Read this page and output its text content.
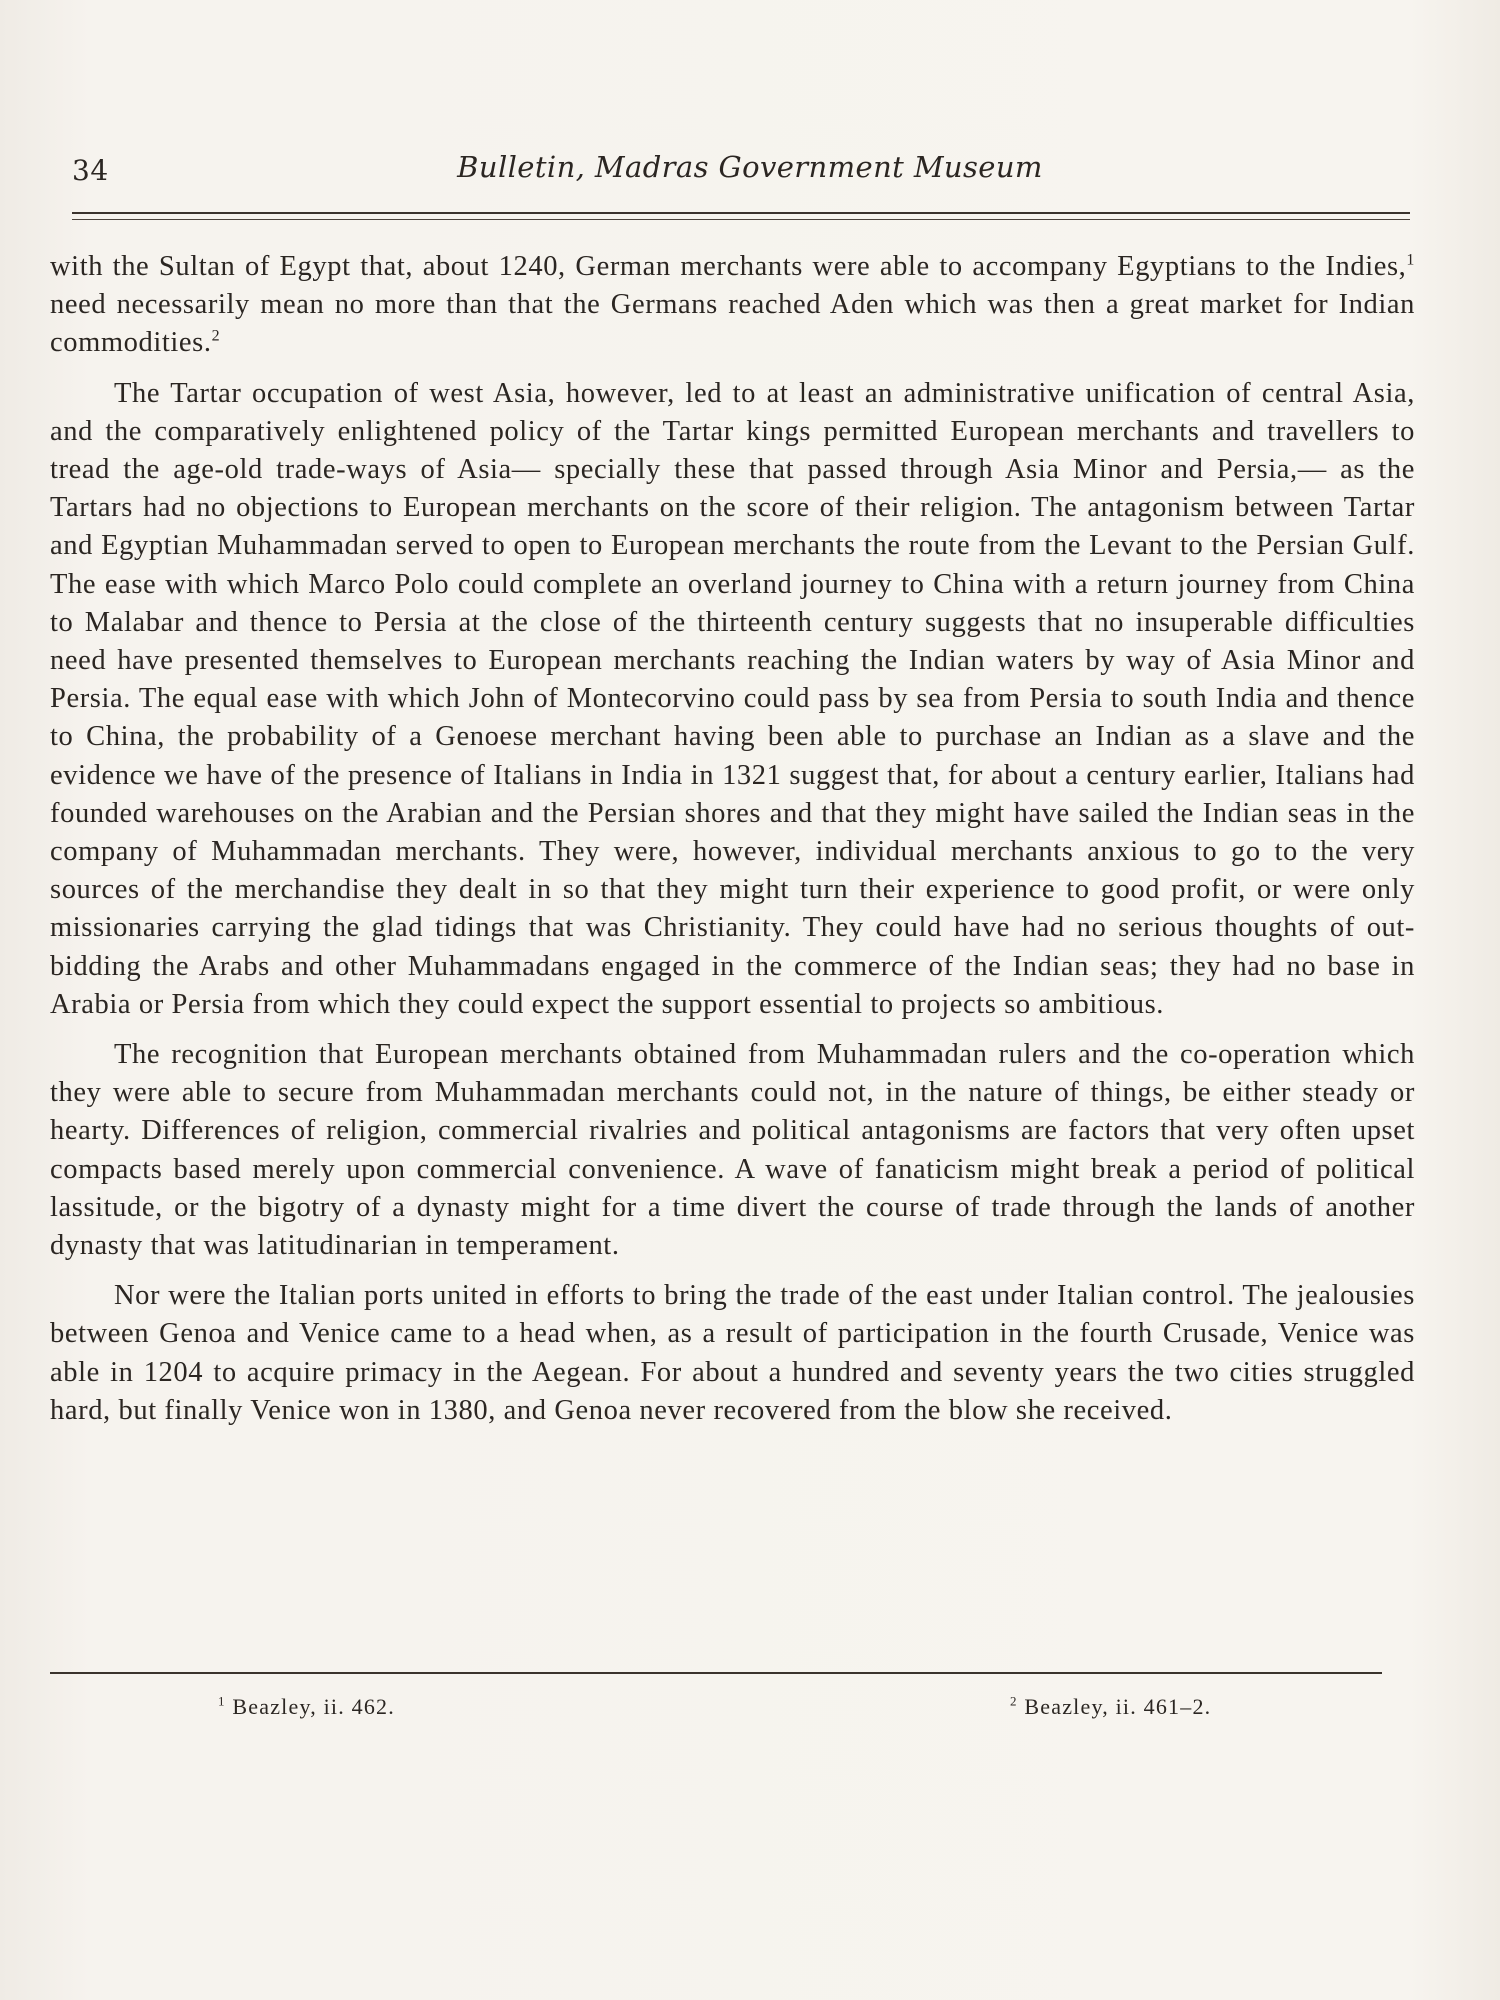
34	Bulletin, Madras Government Museum

with the Sultan of Egypt that, about 1240, German merchants were able to accompany Egyptians to the Indies,$^1$ need necessarily mean no more than that the Germans reached Aden which was then a great market for Indian commodities.$^2$

The Tartar occupation of west Asia, however, led to at least an administrative unification of central Asia, and the comparatively enlightened policy of the Tartar kings permitted European merchants and travellers to tread the age-old trade-ways of Asia— specially these that passed through Asia Minor and Persia,— as the Tartars had no objections to European merchants on the score of their religion. The antagonism between Tartar and Egyptian Muhammadan served to open to European merchants the route from the Levant to the Persian Gulf. The ease with which Marco Polo could complete an overland journey to China with a return journey from China to Malabar and thence to Persia at the close of the thirteenth century suggests that no insuperable difficulties need have presented themselves to European merchants reaching the Indian waters by way of Asia Minor and Persia. The equal ease with which John of Montecorvino could pass by sea from Persia to south India and thence to China, the probability of a Genoese merchant having been able to purchase an Indian as a slave and the evidence we have of the presence of Italians in India in 1321 suggest that, for about a century earlier, Italians had founded warehouses on the Arabian and the Persian shores and that they might have sailed the Indian seas in the company of Muhammadan merchants. They were, however, individual merchants anxious to go to the very sources of the merchandise they dealt in so that they might turn their experience to good profit, or were only missionaries carrying the glad tidings that was Christianity. They could have had no serious thoughts of out-bidding the Arabs and other Muhammadans engaged in the commerce of the Indian seas; they had no base in Arabia or Persia from which they could expect the support essential to projects so ambitious.

The recognition that European merchants obtained from Muhammadan rulers and the co-operation which they were able to secure from Muhammadan merchants could not, in the nature of things, be either steady or hearty. Differences of religion, commercial rivalries and political antagonisms are factors that very often upset compacts based merely upon commercial convenience. A wave of fanaticism might break a period of political lassitude, or the bigotry of a dynasty might for a time divert the course of trade through the lands of another dynasty that was latitudinarian in temperament.

Nor were the Italian ports united in efforts to bring the trade of the east under Italian control. The jealousies between Genoa and Venice came to a head when, as a result of participation in the fourth Crusade, Venice was able in 1204 to acquire primacy in the Aegean. For about a hundred and seventy years the two cities struggled hard, but finally Venice won in 1380, and Genoa never recovered from the blow she received.

$^1$ Beazley, ii. 462.	$^2$ Beazley, ii. 461–2.
